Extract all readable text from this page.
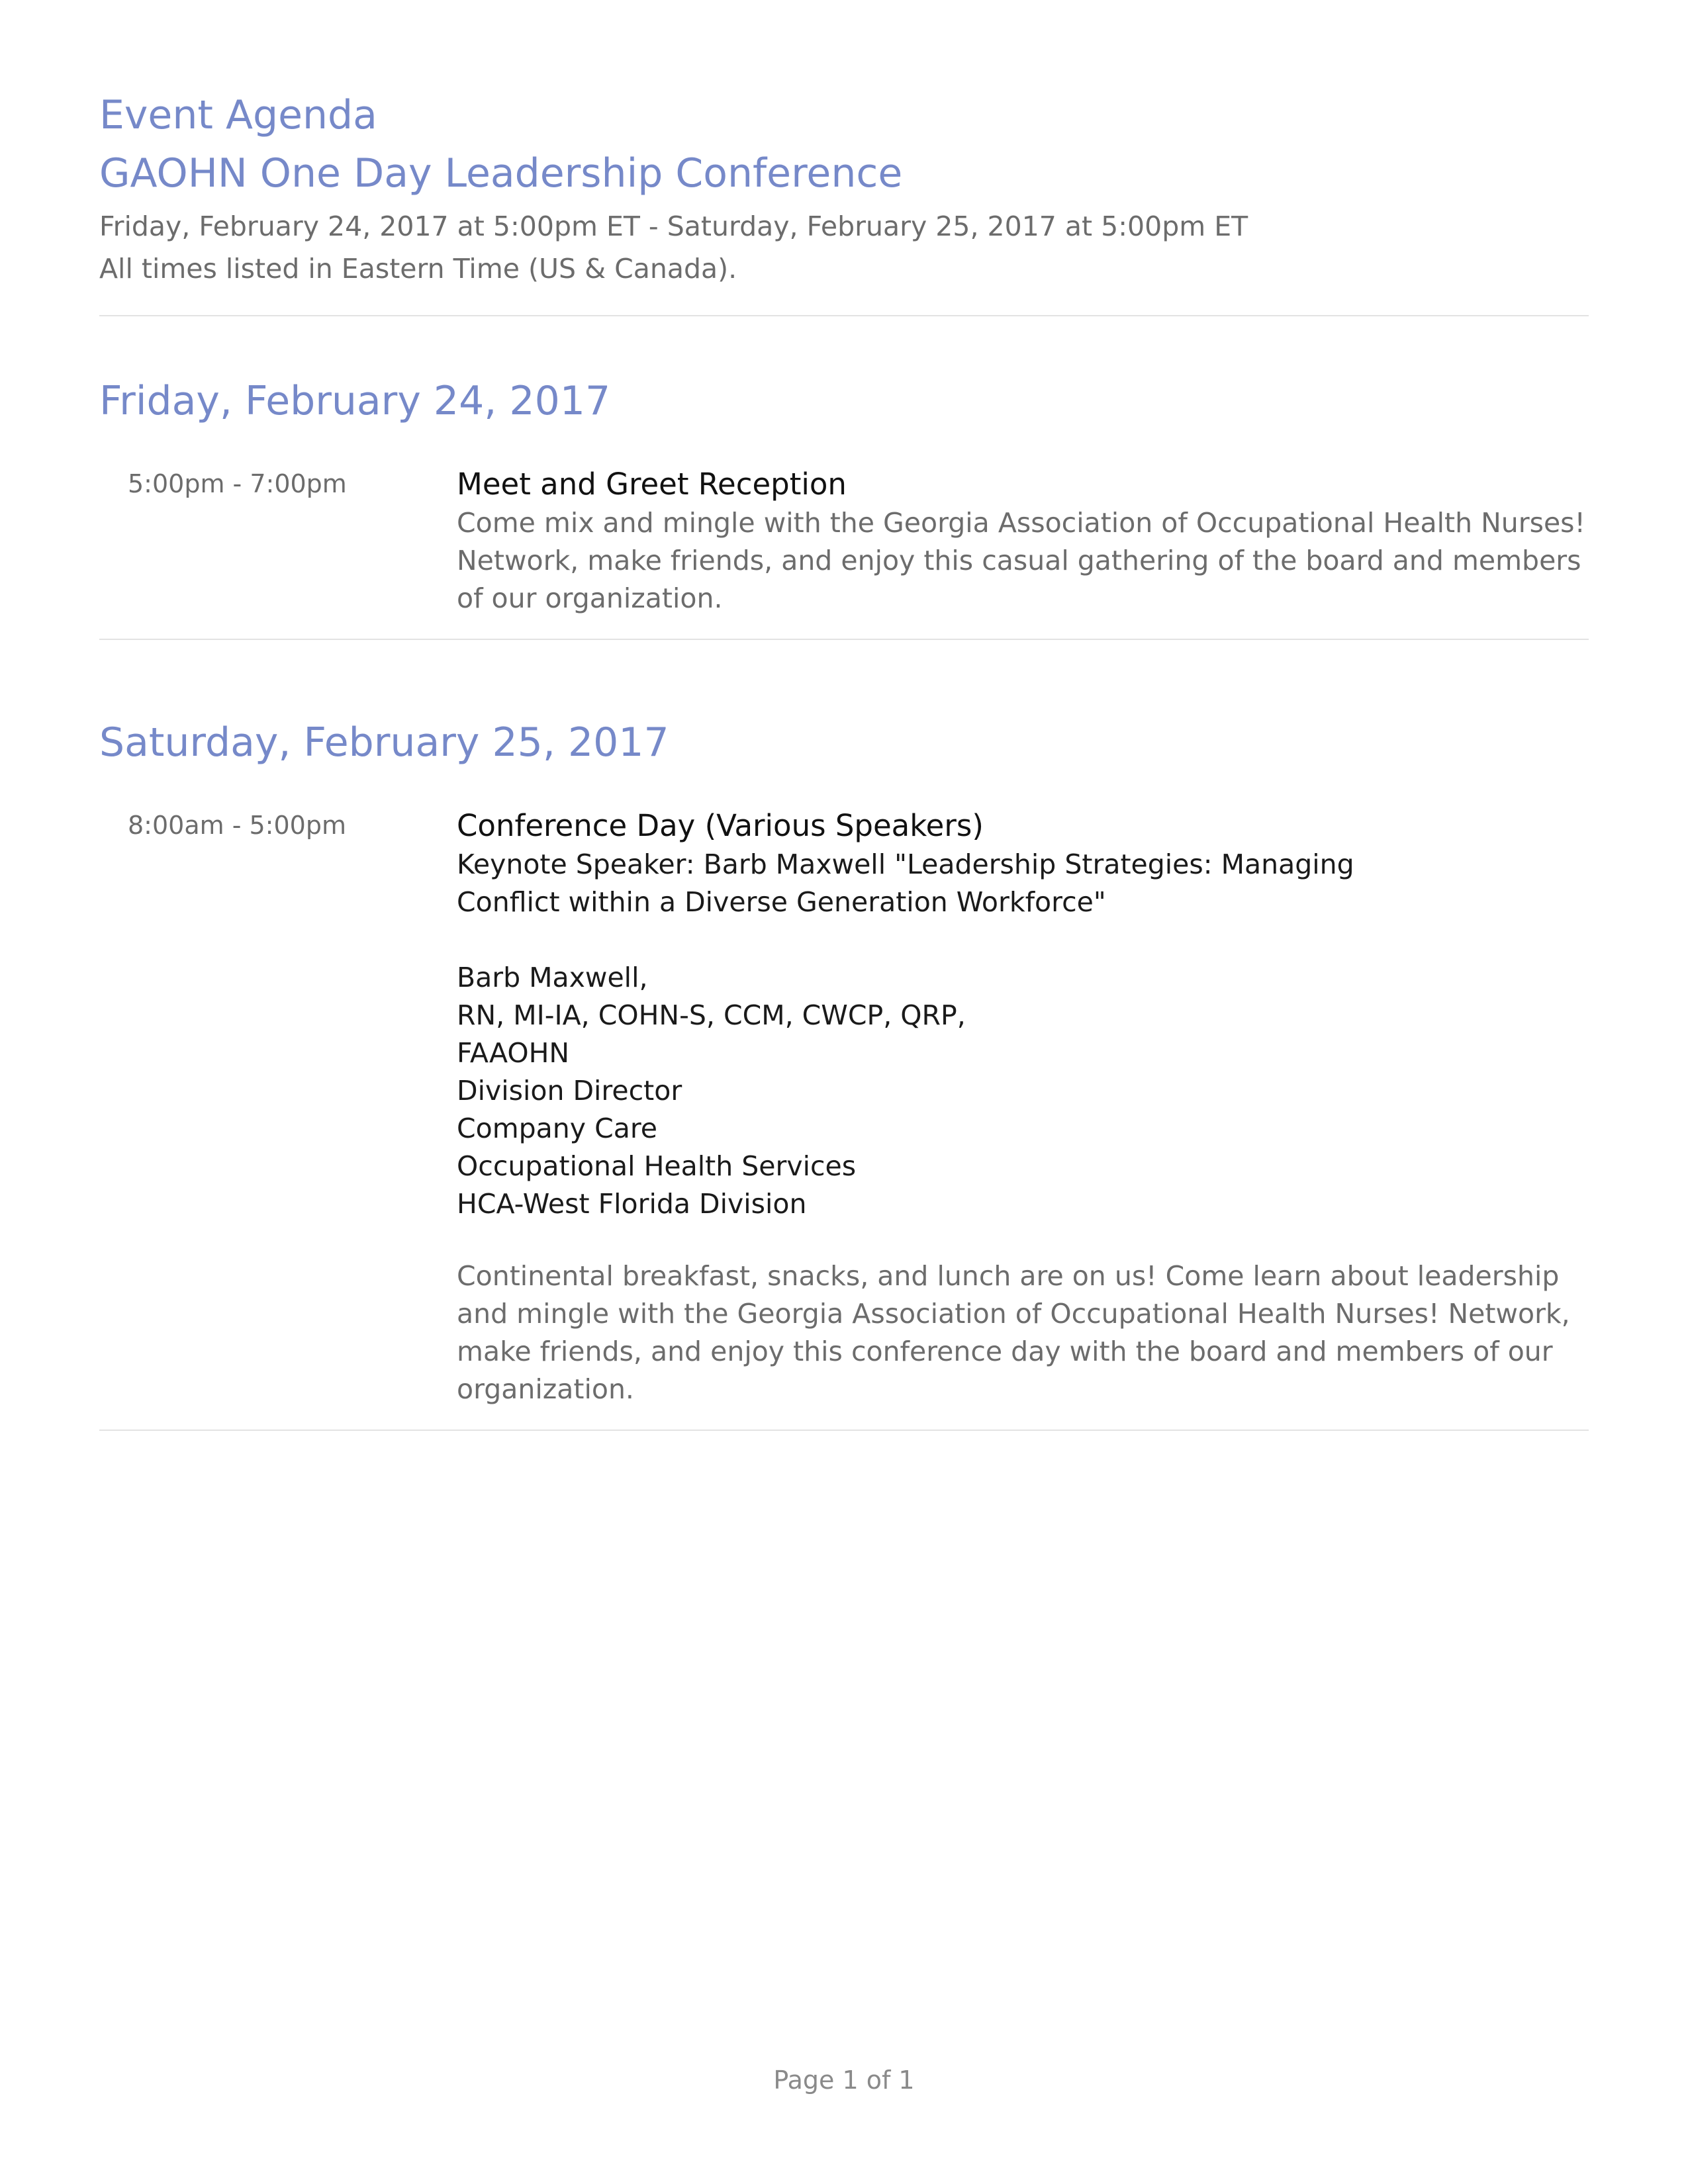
Event Agenda
GAOHN One Day Leadership Conference
Friday, February 24, 2017 at 5:00pm ET - Saturday, February 25, 2017 at 5:00pm ET
All times listed in Eastern Time (US & Canada).
Friday, February 24, 2017
5:00pm - 7:00pm	Meet and Greet Reception
Come mix and mingle with the Georgia Association of Occupational Health Nurses! Network, make friends, and enjoy this casual gathering of the board and members of our organization.
Saturday, February 25, 2017
8:00am - 5:00pm	Conference Day (Various Speakers)
Keynote Speaker: Barb Maxwell "Leadership Strategies: Managing
Conflict within a Diverse Generation Workforce"
Barb Maxwell,
RN, MI-IA, COHN-S, CCM, CWCP, QRP,
FAAOHN
Division Director
Company Care
Occupational Health Services
HCA-West Florida Division
Continental breakfast, snacks, and lunch are on us! Come learn about leadership and mingle with the Georgia Association of Occupational Health Nurses! Network, make friends, and enjoy this conference day with the board and members of our organization.
Page 1 of 1
